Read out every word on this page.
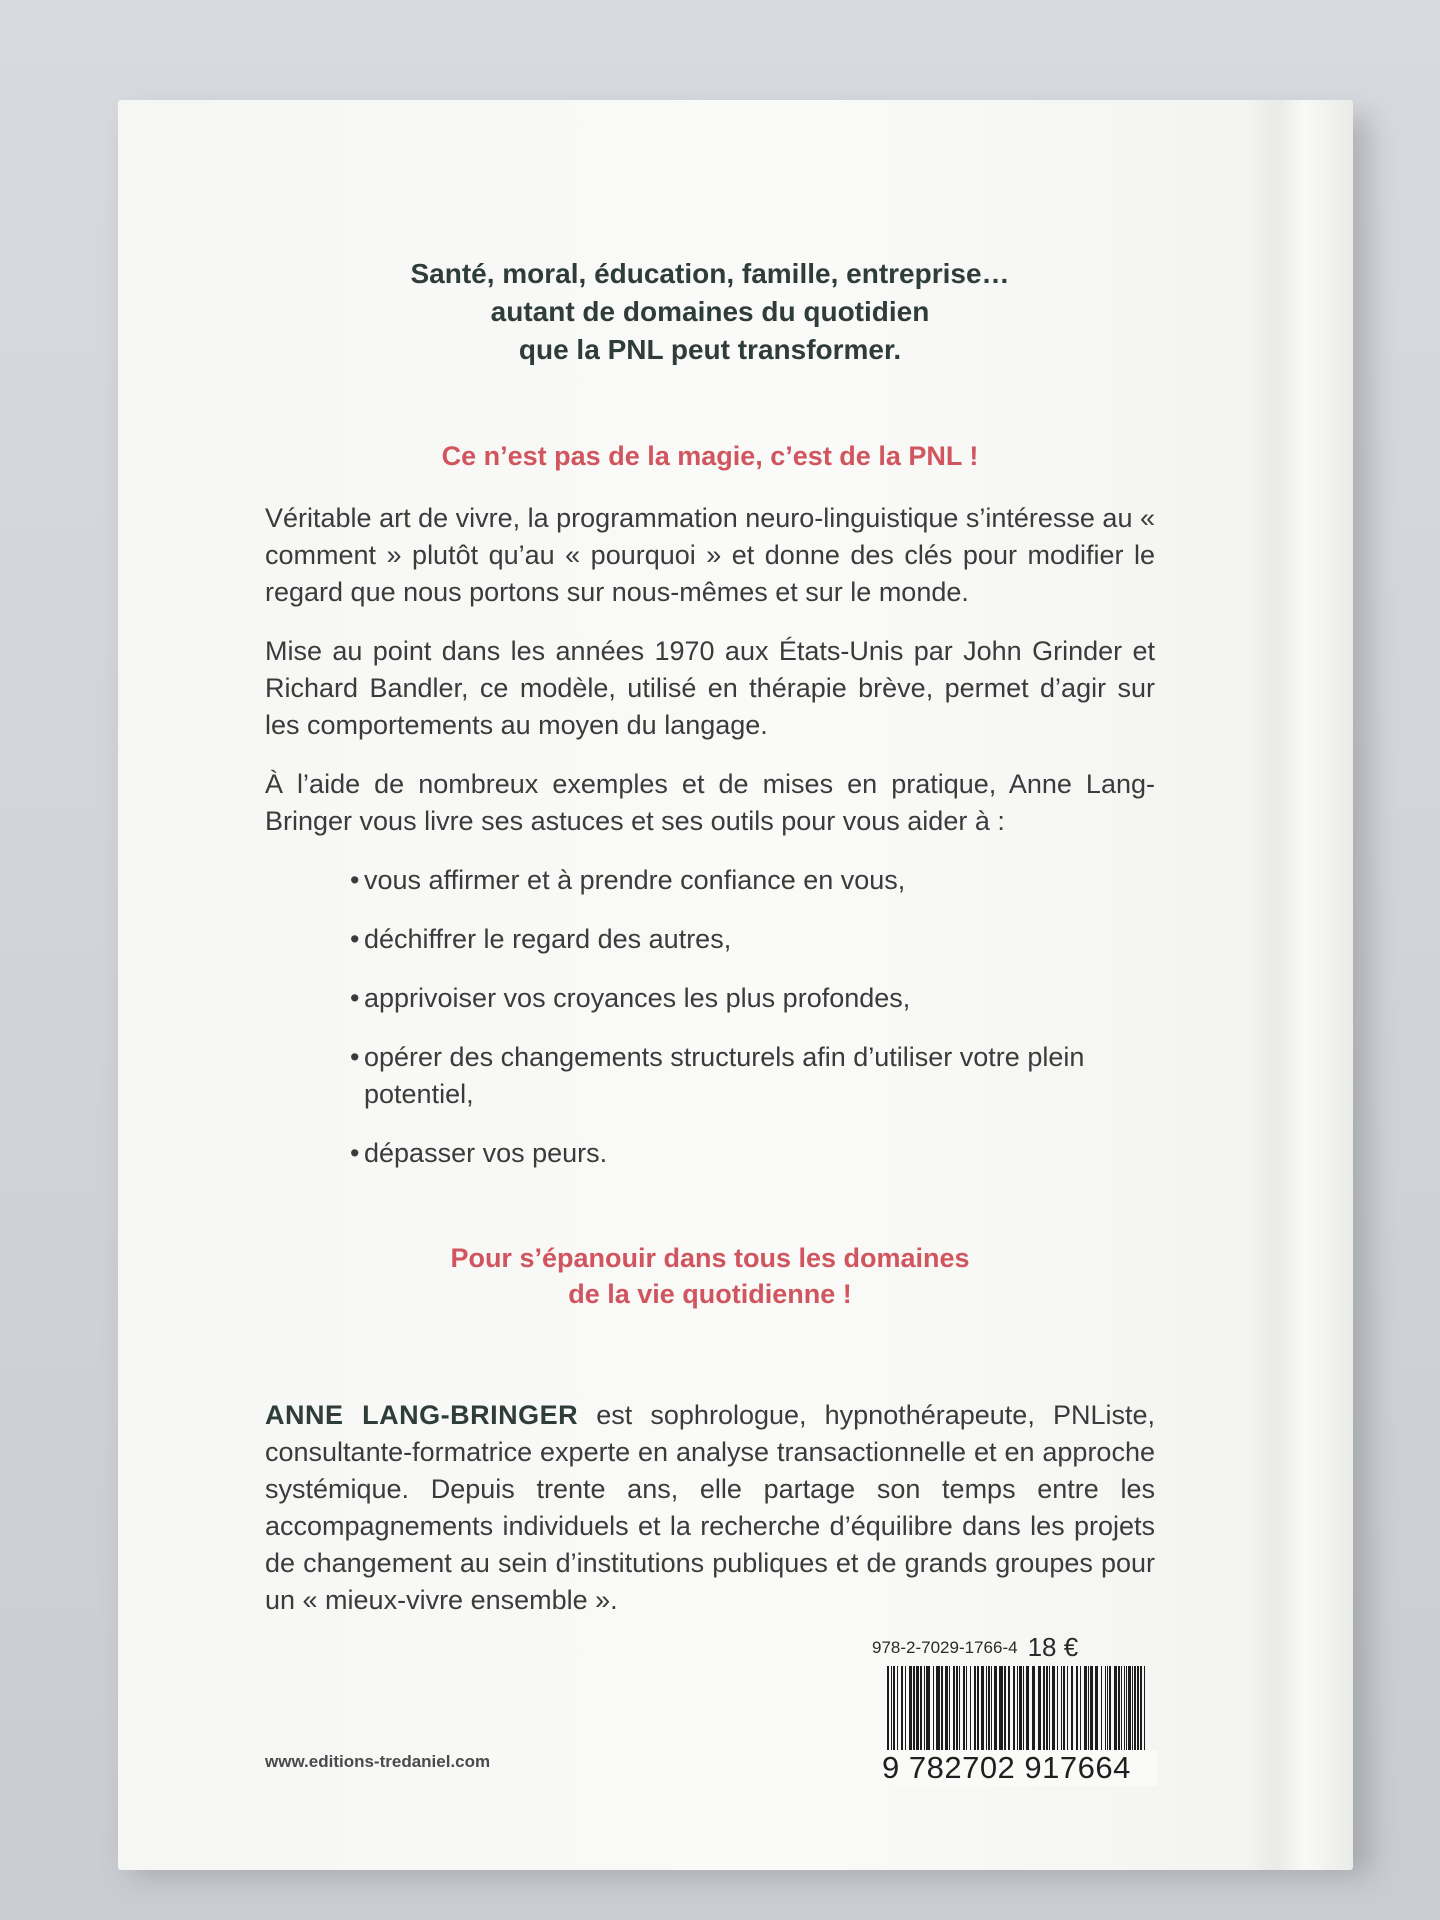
Santé, moral, éducation, famille, entreprise…
autant de domaines du quotidien
que la PNL peut transformer.
Ce n’est pas de la magie, c’est de la PNL !

Véritable art de vivre, la programmation neuro-linguistique s’intéresse au « comment » plutôt qu’au « pourquoi » et donne des clés pour modifier le regard que nous portons sur nous-mêmes et sur le monde.

Mise au point dans les années 1970 aux États-Unis par John Grinder et Richard Bandler, ce modèle, utilisé en thérapie brève, permet d’agir sur les comportements au moyen du langage.

À l’aide de nombreux exemples et de mises en pratique, Anne Lang-Bringer vous livre ses astuces et ses outils pour vous aider à :

• vous affirmer et à prendre confiance en vous,
• déchiffrer le regard des autres,
• apprivoiser vos croyances les plus profondes,
• opérer des changements structurels afin d’utiliser votre plein potentiel,
• dépasser vos peurs.
Pour s’épanouir dans tous les domaines
de la vie quotidienne !
ANNE LANG-BRINGER est sophrologue, hypnothérapeute, PNListe, consultante-formatrice experte en analyse transactionnelle et en approche systémique. Depuis trente ans, elle partage son temps entre les accompagnements individuels et la recherche d’équilibre dans les projets de changement au sein d’institutions publiques et de grands groupes pour un « mieux-vivre ensemble ».
978-2-7029-1766-4 18 €
9 782702 917664
www.editions-tredaniel.com
